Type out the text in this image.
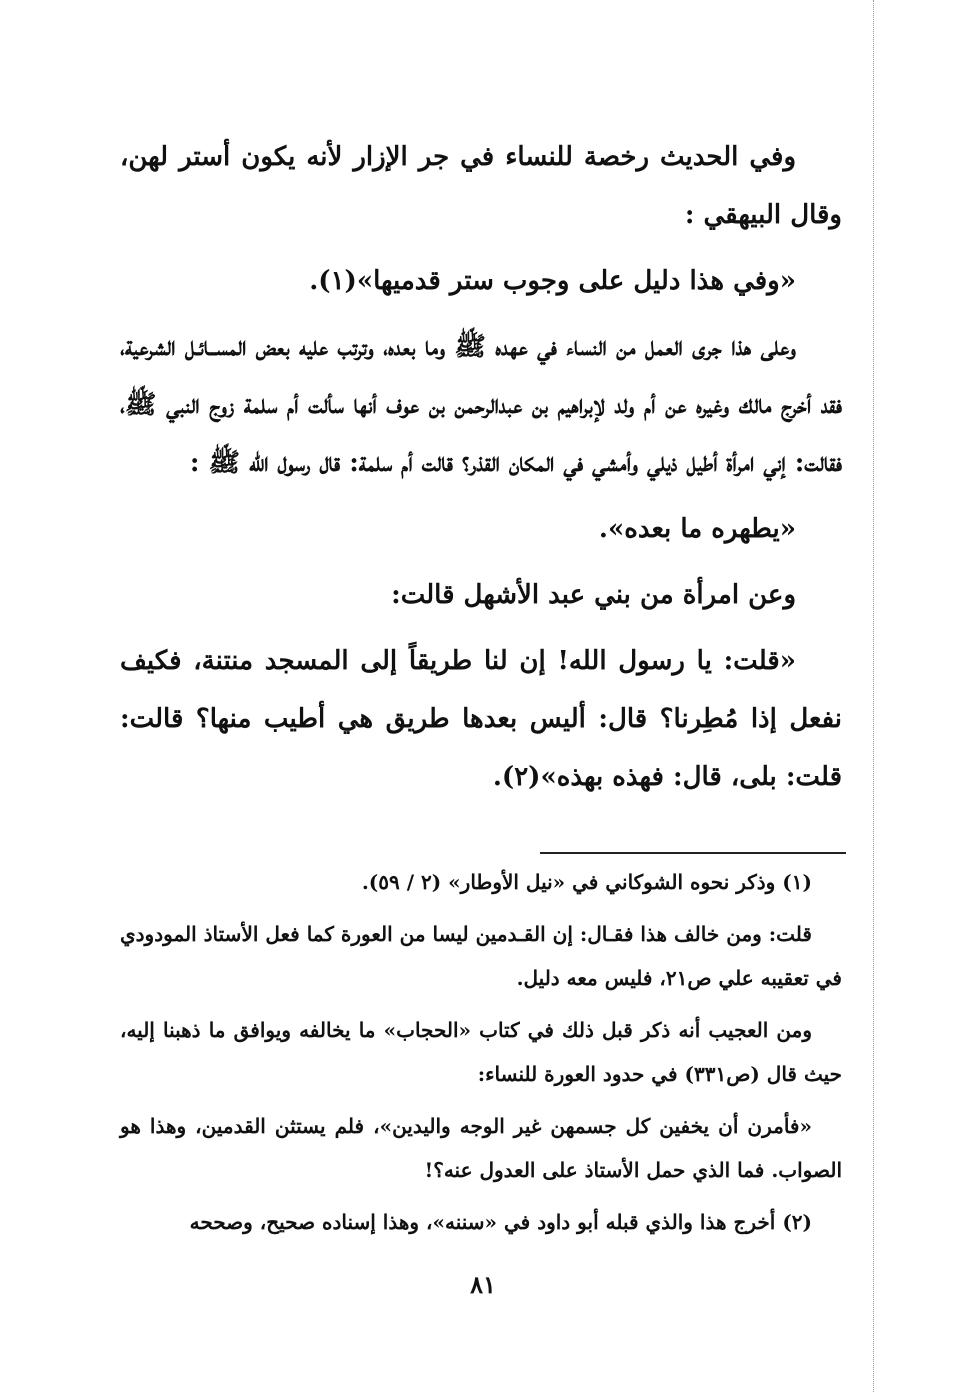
وفي الحديث رخصة للنساء في جر الإزار لأنه يكون أستر لهن، وقال البيهقي :

«وفي هذا دليل على وجوب ستر قدميها»(١).

وعلى هذا جرى العمل من النساء في عهده ﷺ وما بعده، وترتب عليه بعض المســائـل الشرعية، فقد أخرج مالك وغيره عن أم ولد لإبراهيم بن عبدالرحمن بن عوف أنها سألت أم سلمة زوج النبي ﷺ، فقالت: إني امرأة أطيل ذيلي وأمشي في المكان القذر؟ قالت أم سلمة: قال رسول الله ﷺ :

«يطهره ما بعده».

وعن امرأة من بني عبد الأشهل قالت:

«قلت: يا رسول الله! إن لنا طريقاً إلى المسجد منتنة، فكيف نفعل إذا مُطِرنا؟ قال: أليس بعدها طريق هي أطيب منها؟ قالت: قلت: بلى، قال: فهذه بهذه»(٢).

(١) وذكر نحوه الشوكاني في «نيل الأوطار» (٢ / ٥٩).

قلت: ومن خالف هذا فقـال: إن القـدمين ليسا من العورة كما فعل الأستاذ المودودي في تعقيبه علي ص٢١، فليس معه دليل.

ومن العجيب أنه ذكر قبل ذلك في كتاب «الحجاب» ما يخالفه ويوافق ما ذهبنا إليه، حيث قال (ص٣٣١) في حدود العورة للنساء:

«فأمرن أن يخفين كل جسمهن غير الوجه واليدين»، فلم يستثن القدمين، وهذا هو الصواب. فما الذي حمل الأستاذ على العدول عنه؟!

(٢) أخرج هذا والذي قبله أبو داود في «سننه»، وهذا إسناده صحيح، وصححه

٨١
